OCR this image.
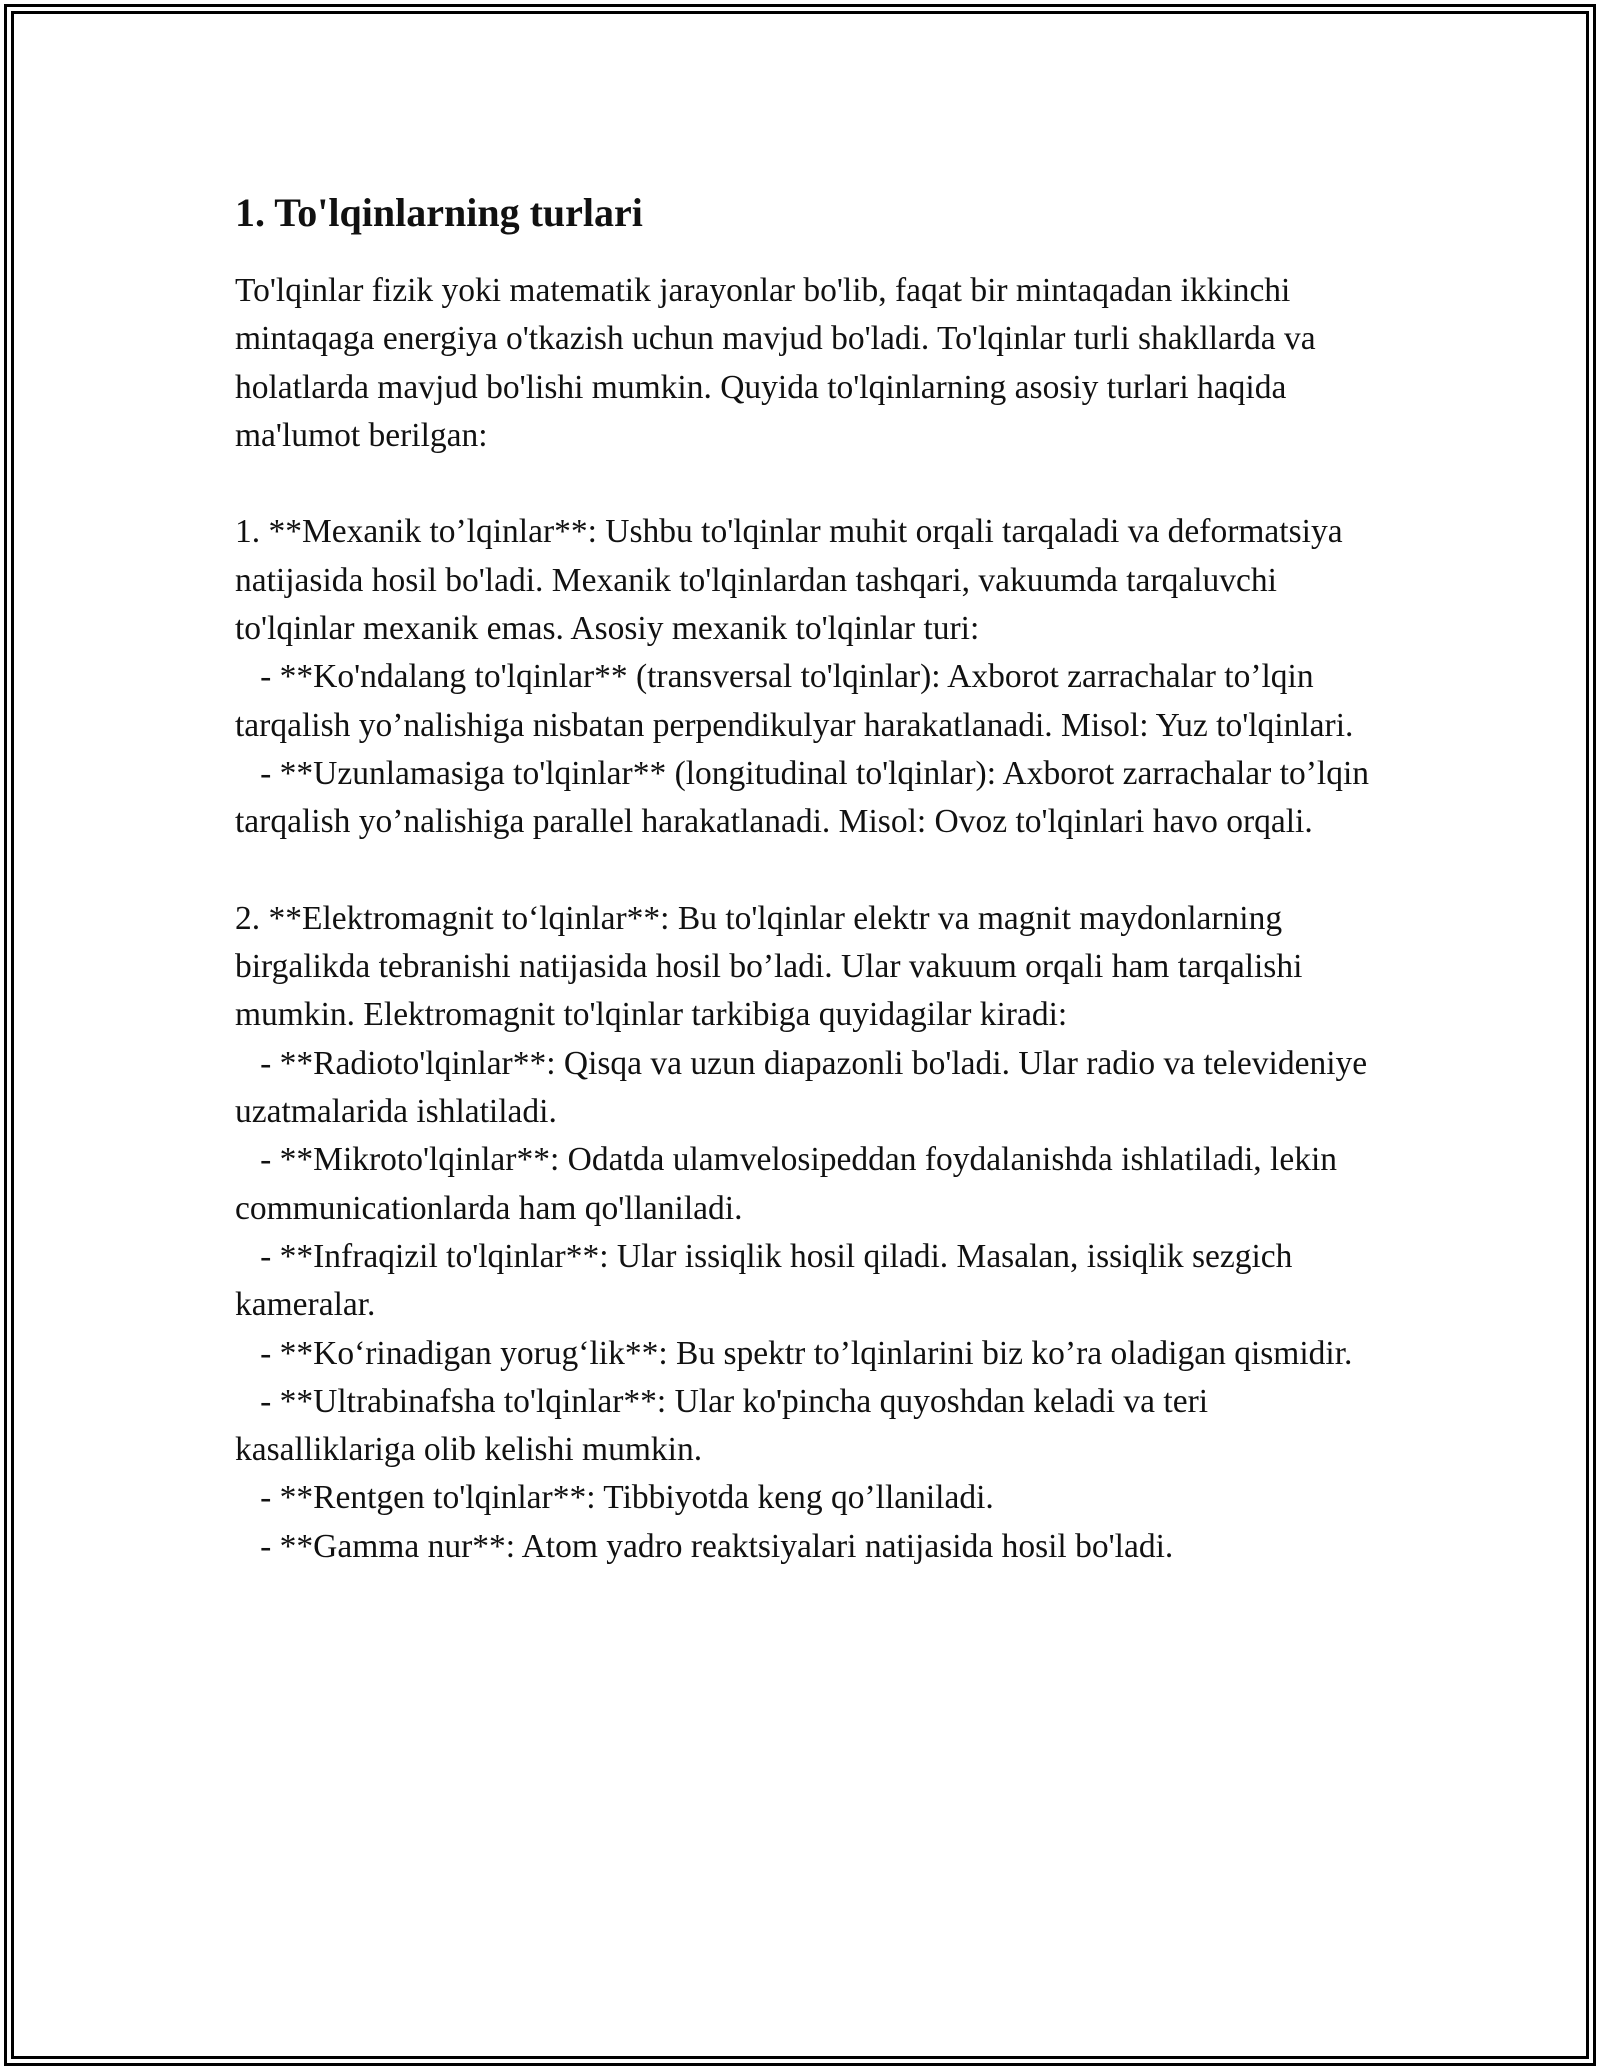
1. To'lqinlarning turlari

To'lqinlar fizik yoki matematik jarayonlar bo'lib, faqat bir mintaqadan ikkinchi mintaqaga energiya o'tkazish uchun mavjud bo'ladi. To'lqinlar turli shakllarda va holatlarda mavjud bo'lishi mumkin. Quyida to'lqinlarning asosiy turlari haqida ma'lumot berilgan:

1. **Mexanik to’lqinlar**: Ushbu to'lqinlar muhit orqali tarqaladi va deformatsiya natijasida hosil bo'ladi. Mexanik to'lqinlardan tashqari, vakuumda tarqaluvchi to'lqinlar mexanik emas. Asosiy mexanik to'lqinlar turi:

- **Ko'ndalang to'lqinlar** (transversal to'lqinlar): Axborot zarrachalar to’lqin tarqalish yo’nalishiga nisbatan perpendikulyar harakatlanadi. Misol: Yuz to'lqinlari.

- **Uzunlamasiga to'lqinlar** (longitudinal to'lqinlar): Axborot zarrachalar to’lqin tarqalish yo’nalishiga parallel harakatlanadi. Misol: Ovoz to'lqinlari havo orqali.

2. **Elektromagnit to‘lqinlar**: Bu to'lqinlar elektr va magnit maydonlarning birgalikda tebranishi natijasida hosil bo’ladi. Ular vakuum orqali ham tarqalishi mumkin. Elektromagnit to'lqinlar tarkibiga quyidagilar kiradi:

- **Radioto'lqinlar**: Qisqa va uzun diapazonli bo'ladi. Ular radio va televideniye uzatmalarida ishlatiladi.

- **Mikroto'lqinlar**: Odatda ulamvelosipeddan foydalanishda ishlatiladi, lekin communicationlarda ham qo'llaniladi.

- **Infraqizil to'lqinlar**: Ular issiqlik hosil qiladi. Masalan, issiqlik sezgich kameralar.

- **Ko‘rinadigan yorug‘lik**: Bu spektr to’lqinlarini biz ko’ra oladigan qismidir.

- **Ultrabinafsha to'lqinlar**: Ular ko'pincha quyoshdan keladi va teri kasalliklariga olib kelishi mumkin.

- **Rentgen to'lqinlar**: Tibbiyotda keng qo’llaniladi.

- **Gamma nur**: Atom yadro reaktsiyalari natijasida hosil bo'ladi.
